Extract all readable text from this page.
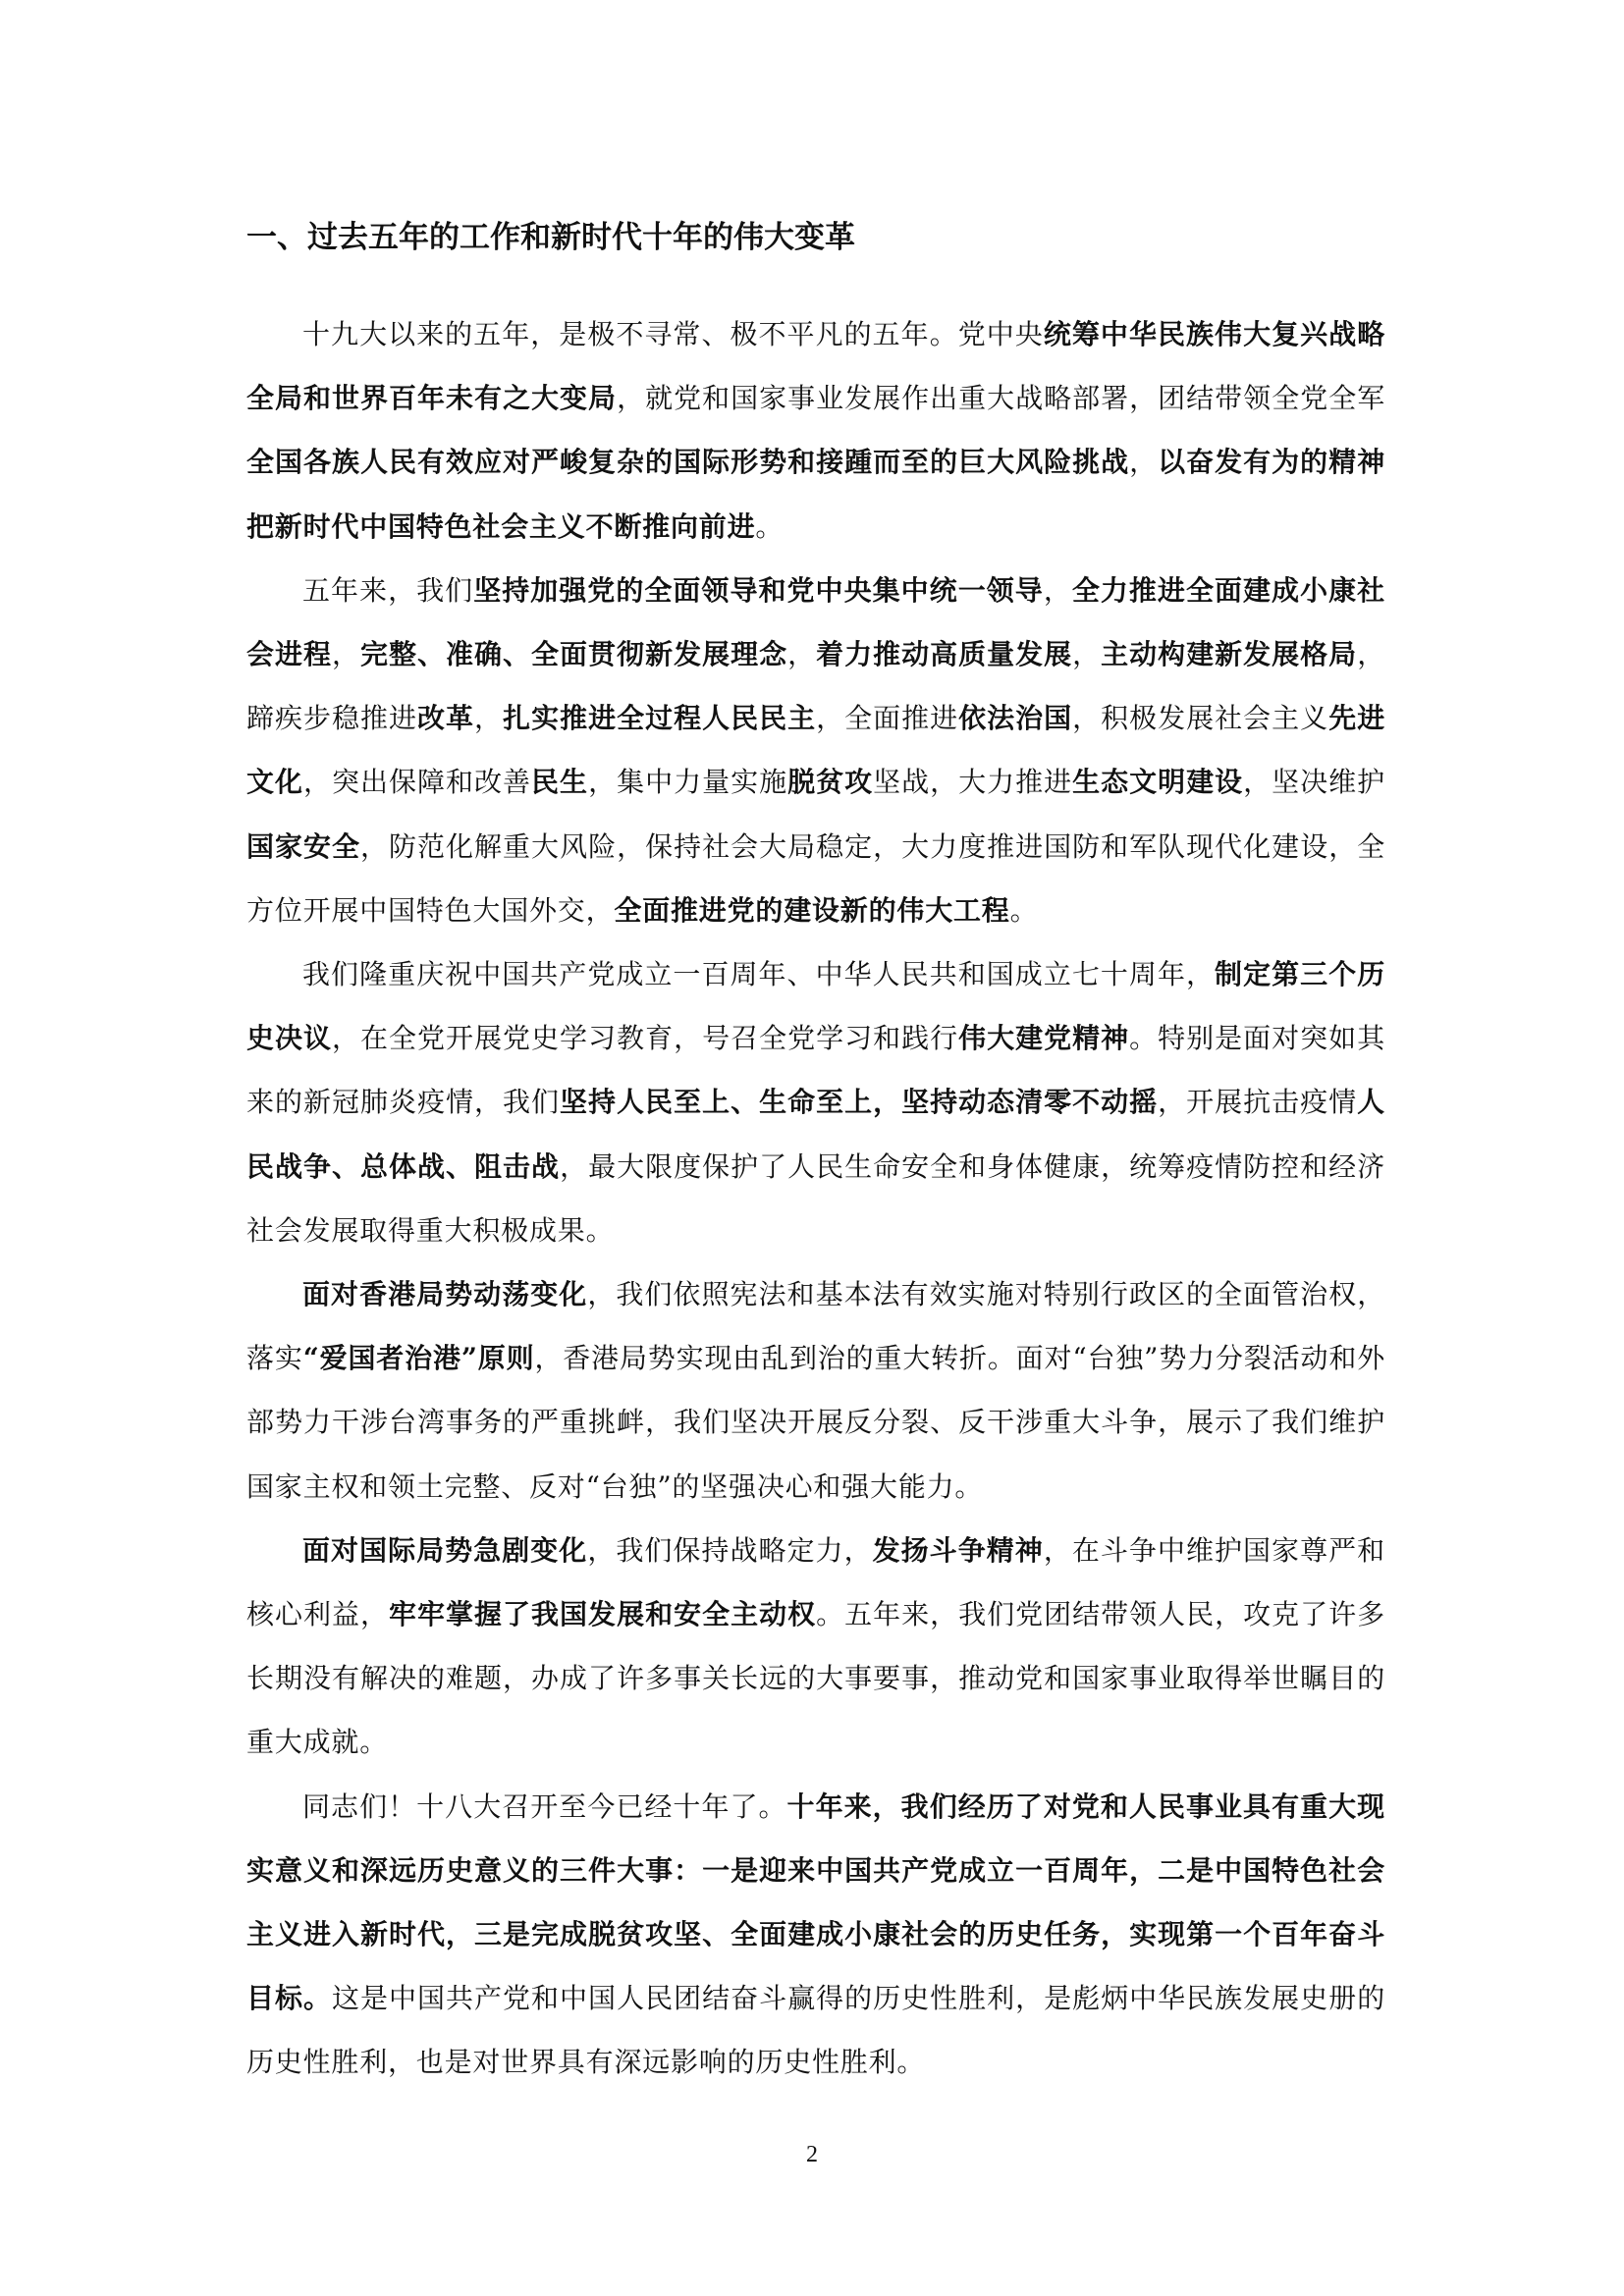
一、过去五年的工作和新时代十年的伟大变革

十九大以来的五年，是极不寻常、极不平凡的五年。党中央统筹中华民族伟大复兴战略全局和世界百年未有之大变局，就党和国家事业发展作出重大战略部署，团结带领全党全军全国各族人民有效应对严峻复杂的国际形势和接踵而至的巨大风险挑战，以奋发有为的精神把新时代中国特色社会主义不断推向前进。

五年来，我们坚持加强党的全面领导和党中央集中统一领导，全力推进全面建成小康社会进程，完整、准确、全面贯彻新发展理念，着力推动高质量发展，主动构建新发展格局，蹄疾步稳推进改革，扎实推进全过程人民民主，全面推进依法治国，积极发展社会主义先进文化，突出保障和改善民生，集中力量实施脱贫攻坚战，大力推进生态文明建设，坚决维护国家安全，防范化解重大风险，保持社会大局稳定，大力度推进国防和军队现代化建设，全方位开展中国特色大国外交，全面推进党的建设新的伟大工程。

我们隆重庆祝中国共产党成立一百周年、中华人民共和国成立七十周年，制定第三个历史决议，在全党开展党史学习教育，号召全党学习和践行伟大建党精神。特别是面对突如其来的新冠肺炎疫情，我们坚持人民至上、生命至上，坚持动态清零不动摇，开展抗击疫情人民战争、总体战、阻击战，最大限度保护了人民生命安全和身体健康，统筹疫情防控和经济社会发展取得重大积极成果。

面对香港局势动荡变化，我们依照宪法和基本法有效实施对特别行政区的全面管治权，落实“爱国者治港”原则，香港局势实现由乱到治的重大转折。面对“台独”势力分裂活动和外部势力干涉台湾事务的严重挑衅，我们坚决开展反分裂、反干涉重大斗争，展示了我们维护国家主权和领土完整、反对“台独”的坚强决心和强大能力。

面对国际局势急剧变化，我们保持战略定力，发扬斗争精神，在斗争中维护国家尊严和核心利益，牢牢掌握了我国发展和安全主动权。五年来，我们党团结带领人民，攻克了许多长期没有解决的难题，办成了许多事关长远的大事要事，推动党和国家事业取得举世瞩目的重大成就。

同志们！十八大召开至今已经十年了。十年来，我们经历了对党和人民事业具有重大现实意义和深远历史意义的三件大事：一是迎来中国共产党成立一百周年，二是中国特色社会主义进入新时代，三是完成脱贫攻坚、全面建成小康社会的历史任务，实现第一个百年奋斗目标。这是中国共产党和中国人民团结奋斗赢得的历史性胜利，是彪炳中华民族发展史册的历史性胜利，也是对世界具有深远影响的历史性胜利。

2
